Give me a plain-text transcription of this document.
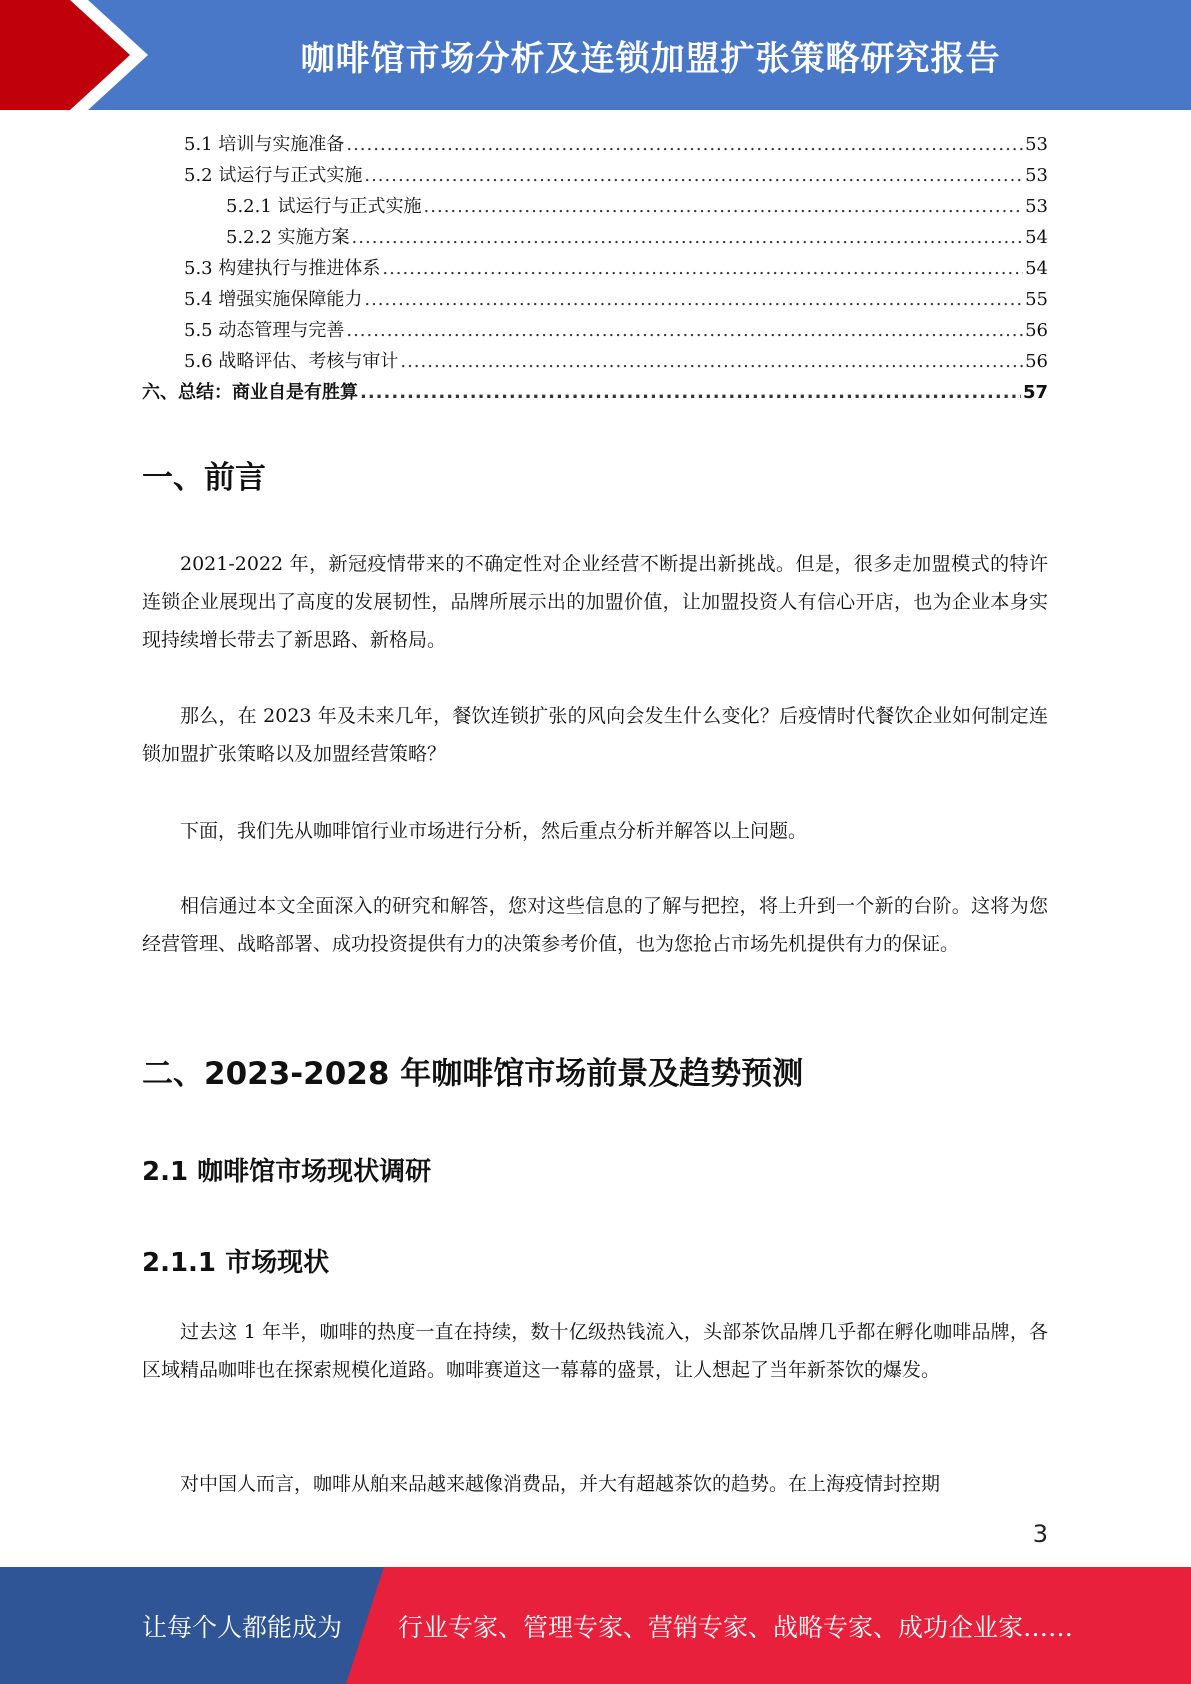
咖啡馆市场分析及连锁加盟扩张策略研究报告
5.1 培训与实施准备 .....	53
5.2 试运行与正式实施 .....	53
5.2.1 试运行与正式实施 .....	53
5.2.2 实施方案 .....	54
5.3 构建执行与推进体系 .....	54
5.4 增强实施保障能力 .....	55
5.5 动态管理与完善 .....	56
5.6 战略评估、考核与审计 .....	56
六、总结：商业自是有胜算 .....	57
一、前言

2021-2022 年，新冠疫情带来的不确定性对企业经营不断提出新挑战。但是，很多走加盟模式的特许连锁企业展现出了高度的发展韧性，品牌所展示出的加盟价值，让加盟投资人有信心开店，也为企业本身实现持续增长带去了新思路、新格局。

那么，在 2023 年及未来几年，餐饮连锁扩张的风向会发生什么变化？后疫情时代餐饮企业如何制定连锁加盟扩张策略以及加盟经营策略？

下面，我们先从咖啡馆行业市场进行分析，然后重点分析并解答以上问题。

相信通过本文全面深入的研究和解答，您对这些信息的了解与把控，将上升到一个新的台阶。这将为您经营管理、战略部署、成功投资提供有力的决策参考价值，也为您抢占市场先机提供有力的保证。

二、2023-2028 年咖啡馆市场前景及趋势预测
2.1 咖啡馆市场现状调研
2.1.1 市场现状

过去这 1 年半，咖啡的热度一直在持续，数十亿级热钱流入，头部茶饮品牌几乎都在孵化咖啡品牌，各区域精品咖啡也在探索规模化道路。咖啡赛道这一幕幕的盛景，让人想起了当年新茶饮的爆发。

对中国人而言，咖啡从舶来品越来越像消费品，并大有超越茶饮的趋势。在上海疫情封控期

3
让每个人都能成为 行业专家、管理专家、营销专家、战略专家、成功企业家……
